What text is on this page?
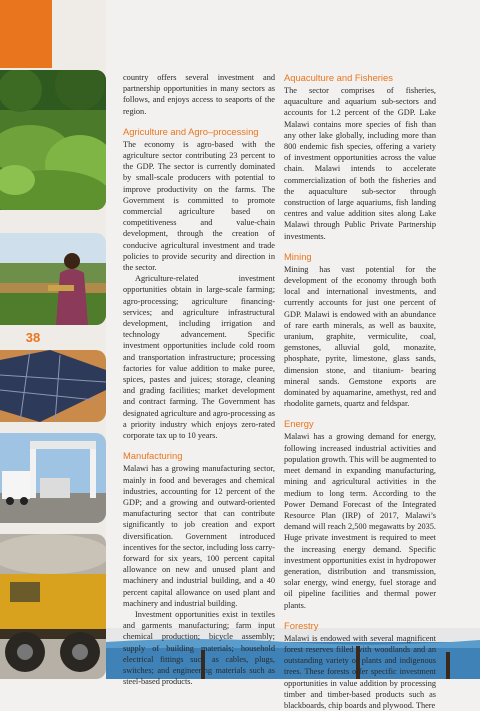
38

country offers several investment and partnership opportunities in many sectors as follows, and enjoys access to seaports of the region.

Agriculture and Agro–processing

The economy is agro-based with the agriculture sector contributing 23 percent to the GDP. The sector is currently dominated by small-scale producers with potential to improve productivity on the farms. The Government is committed to promote commercial agriculture based on competitiveness and value-chain development, through the creation of conducive agricultural investment and trade policies to provide security and direction in the sector.

Agriculture-related investment opportunities obtain in large-scale farming; agro-processing; agriculture financing-services; and agriculture infrastructural development, including irrigation and technology advancement. Specific investment opportunities include cold room and transportation infrastructure; processing factories for value addition to make puree, spices, pastes and juices; storage, cleaning and grading facilities; market development and contract farming. The Government has designated agriculture and agro-processing as a priority industry which enjoys zero-rated corporate tax up to 10 years.

Manufacturing

Malawi has a growing manufacturing sector, mainly in food and beverages and chemical industries, accounting for 12 percent of the GDP; and a growing and outward-oriented manufacturing sector that can contribute significantly to job creation and export diversification. Government introduced incentives for the sector, including loss carry-forward for six years, 100 percent capital allowance on new and unused plant and machinery and industrial building, and a 40 percent capital allowance on used plant and machinery and industrial building.

Investment opportunities exist in textiles and garments manufacturing; farm input chemical production; bicycle assembly; supply of building materials; household electrical fittings such as cables, plugs, switches; and engineering materials such as steel-based products.

Aquaculture and Fisheries

The sector comprises of fisheries, aquaculture and aquarium sub-sectors and accounts for 1.2 percent of the GDP. Lake Malawi contains more species of fish than any other lake globally, including more than 800 endemic fish species, offering a variety of investment opportunities across the value chain. Malawi intends to accelerate commercialization of both the fisheries and the aquaculture sub-sector through construction of large aquariums, fish landing centres and value addition sites along Lake Malawi through Public Private Partnership investments.

Mining

Mining has vast potential for the development of the economy through both local and international investments, and currently accounts for just one percent of GDP. Malawi is endowed with an abundance of rare earth minerals, as well as bauxite, uranium, graphite, vermiculite, coal, gemstones, alluvial gold, monazite, phosphate, pyrite, limestone, glass sands, dimension stone, and titanium- bearing mineral sands. Gemstone exports are dominated by aquamarine, amethyst, red and rhodolite garnets, quartz and feldspar.

Energy

Malawi has a growing demand for energy, following increased industrial activities and population growth. This will be augmented to meet demand in expanding manufacturing, mining and agricultural activities in the medium to long term. According to the Power Demand Forecast of the Integrated Resource Plan (IRP) of 2017, Malawi’s demand will reach 2,500 megawatts by 2035. Huge private investment is required to meet the increasing energy demand. Specific investment opportunities exist in hydropower generation, distribution and transmission, solar energy, wind energy, fuel storage and oil pipeline facilities and thermal power plants.

Forestry

Malawi is endowed with several magnificent forest reserves filled with woodlands and an outstanding variety of plants and indigenous trees. These forests offer specific investment opportunities in value addition by processing timber and timber-based products such as blackboards, chip boards and plywood. There
